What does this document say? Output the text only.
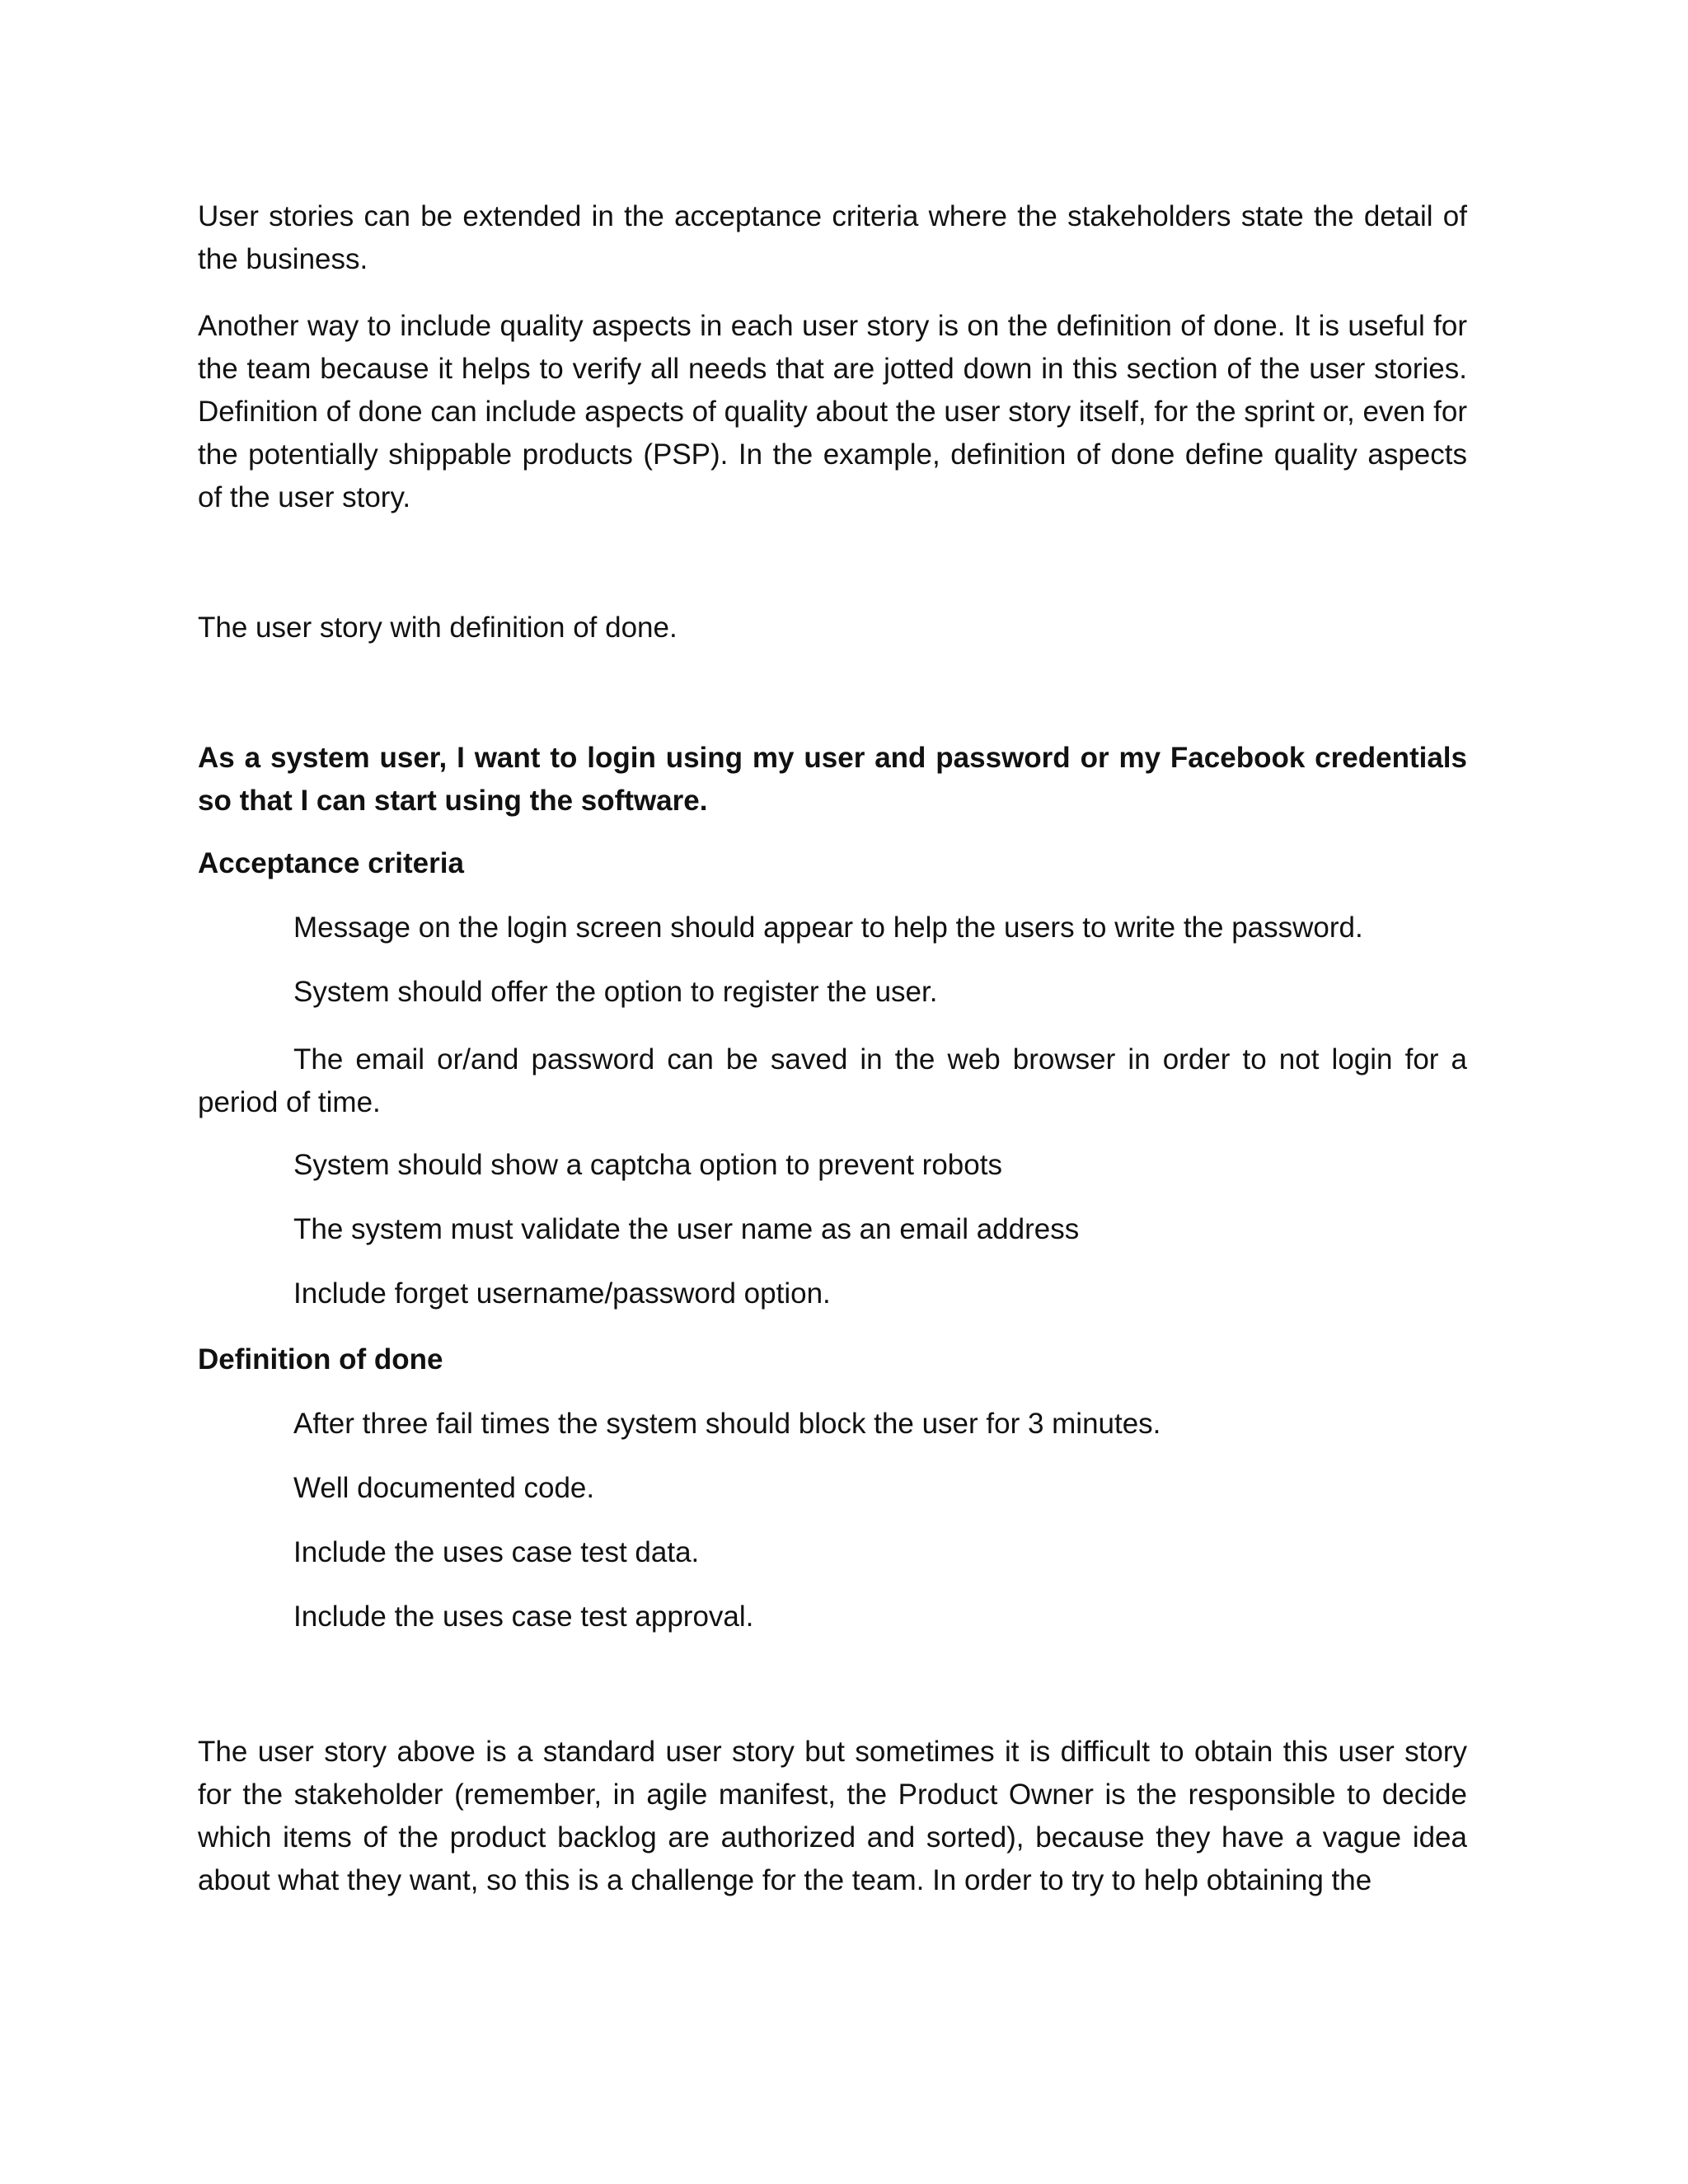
User stories can be extended in the acceptance criteria where the stakeholders state the detail of the business.

Another way to include quality aspects in each user story is on the definition of done. It is useful for the team because it helps to verify all needs that are jotted down in this section of the user stories. Definition of done can include aspects of quality about the user story itself, for the sprint or, even for the potentially shippable products (PSP). In the example, definition of done define quality aspects of the user story.

The user story with definition of done.

As a system user, I want to login using my user and password or my Facebook credentials so that I can start using the software.

Acceptance criteria

Message on the login screen should appear to help the users to write the password.

System should offer the option to register the user.

The email or/and password can be saved in the web browser in order to not login for a period of time.

System should show a captcha option to prevent robots

The system must validate the user name as an email address

Include forget username/password option.

Definition of done

After three fail times the system should block the user for 3 minutes.

Well documented code.

Include the uses case test data.

Include the uses case test approval.

The user story above is a standard user story but sometimes it is difficult to obtain this user story for the stakeholder (remember, in agile manifest, the Product Owner is the responsible to decide which items of the product backlog are authorized and sorted), because they have a vague idea about what they want, so this is a challenge for the team. In order to try to help obtaining the
